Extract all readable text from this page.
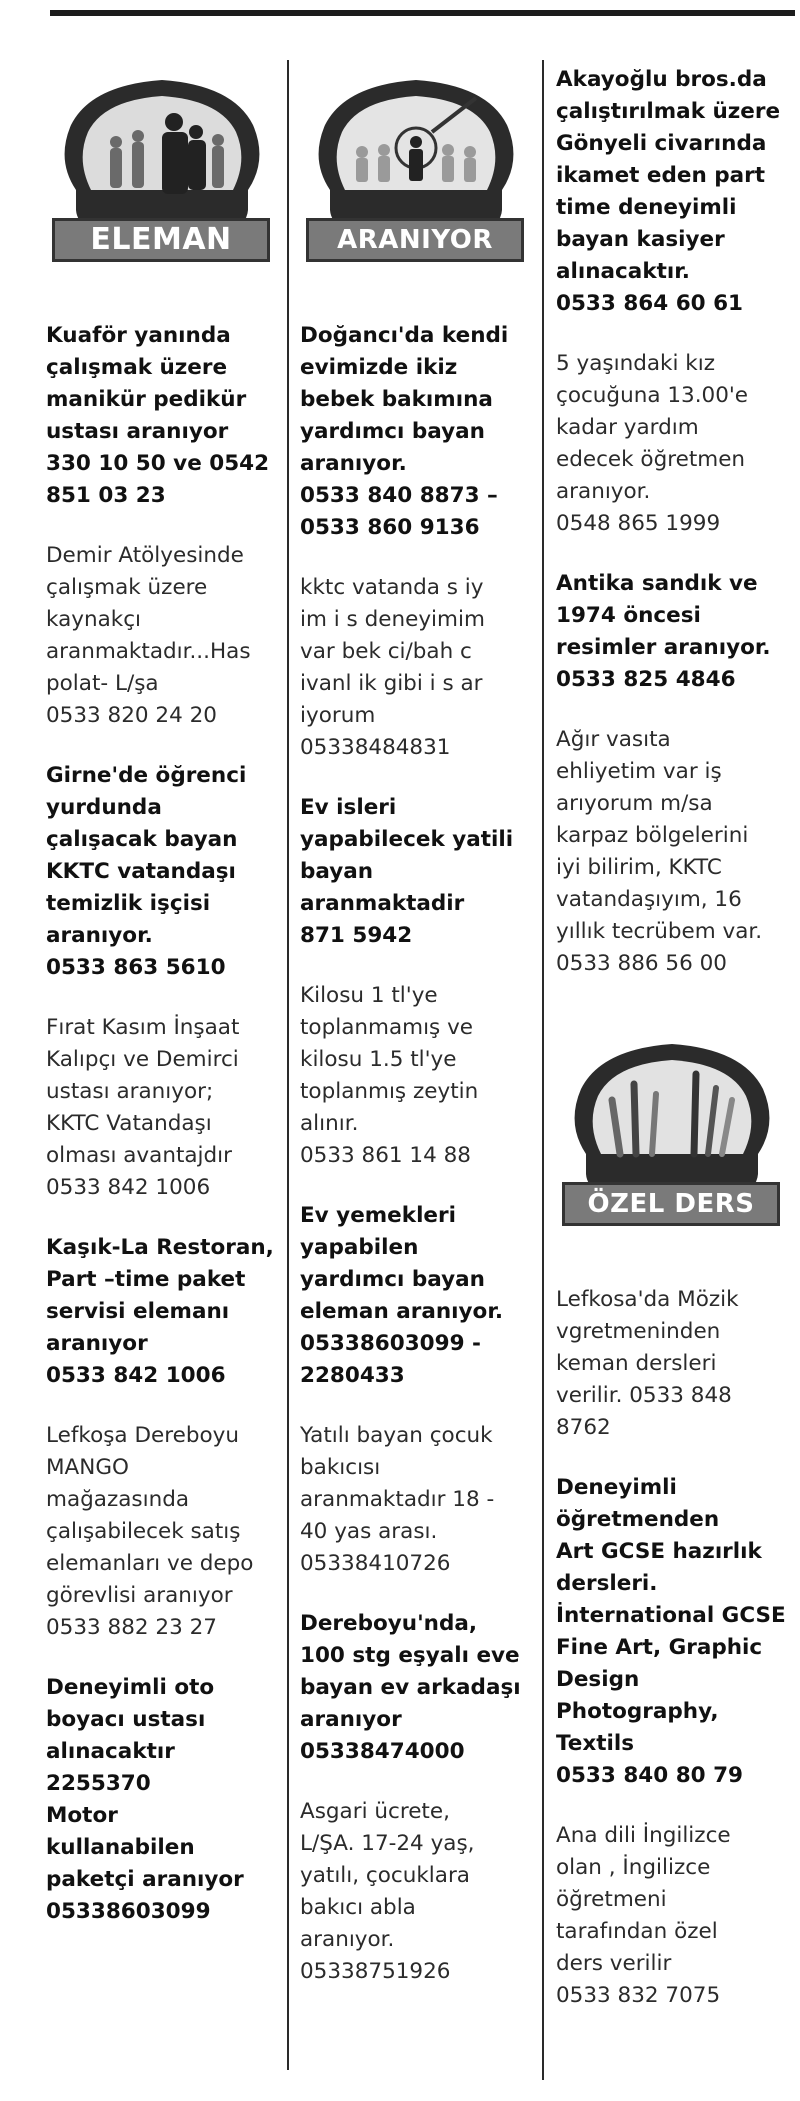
ELEMAN

Kuaför yanında
çalışmak üzere
manikür pedikür
ustası aranıyor
330 10 50 ve 0542
851 03 23

Demir Atölyesinde
çalışmak üzere
kaynakçı
aranmaktadır...Has
polat- L/şa
0533 820 24 20

Girne'de öğrenci
yurdunda
çalışacak bayan
KKTC vatandaşı
temizlik işçisi
aranıyor.
0533 863 5610

Fırat Kasım İnşaat
Kalıpçı ve Demirci
ustası aranıyor;
KKTC Vatandaşı
olması avantajdır
0533 842 1006

Kaşık-La Restoran,
Part –time paket
servisi elemanı
aranıyor
0533 842 1006

Lefkoşa Dereboyu
MANGO
mağazasında
çalışabilecek satış
elemanları ve depo
görevlisi aranıyor
0533 882 23 27

Deneyimli oto
boyacı ustası
alınacaktır
2255370
Motor
kullanabilen
paketçi aranıyor
05338603099

ARANIYOR

Doğancı'da kendi
evimizde ikiz
bebek bakımına
yardımcı bayan
aranıyor.
0533 840 8873 –
0533 860 9136

kktc vatanda s iy
im i s deneyimim
var bek ci/bah c
ivanl ik gibi i s ar
iyorum
05338484831

Ev isleri
yapabilecek yatili
bayan
aranmaktadir
871 5942

Kilosu 1 tl'ye
toplanmamış ve
kilosu 1.5 tl'ye
toplanmış zeytin
alınır.
0533 861 14 88

Ev yemekleri
yapabilen
yardımcı bayan
eleman aranıyor.
05338603099 -
2280433

Yatılı bayan çocuk
bakıcısı
aranmaktadır 18 -
40 yas arası.
05338410726

Dereboyu'nda,
100 stg eşyalı eve
bayan ev arkadaşı
aranıyor
05338474000

Asgari ücrete,
L/ŞA. 17-24 yaş,
yatılı, çocuklara
bakıcı abla
aranıyor.
05338751926

Akayoğlu bros.da
çalıştırılmak üzere
Gönyeli civarında
ikamet eden part
time deneyimli
bayan kasiyer
alınacaktır.
0533 864 60 61

5 yaşındaki kız
çocuğuna 13.00'e
kadar yardım
edecek öğretmen
aranıyor.
0548 865 1999

Antika sandık ve
1974 öncesi
resimler aranıyor.
0533 825 4846

Ağır vasıta
ehliyetim var iş
arıyorum m/sa
karpaz bölgelerini
iyi bilirim, KKTC
vatandaşıyım, 16
yıllık tecrübem var.
0533 886 56 00

ÖZEL DERS

Lefkosa'da Mözik
vgretmeninden
keman dersleri
verilir. 0533 848
8762

Deneyimli
öğretmenden
Art GCSE hazırlık
dersleri.
İnternational GCSE
Fine Art, Graphic
Design Photography,
Textils
0533 840 80 79

Ana dili İngilizce
olan , İngilizce
öğretmeni
tarafından özel
ders verilir
0533 832 7075
